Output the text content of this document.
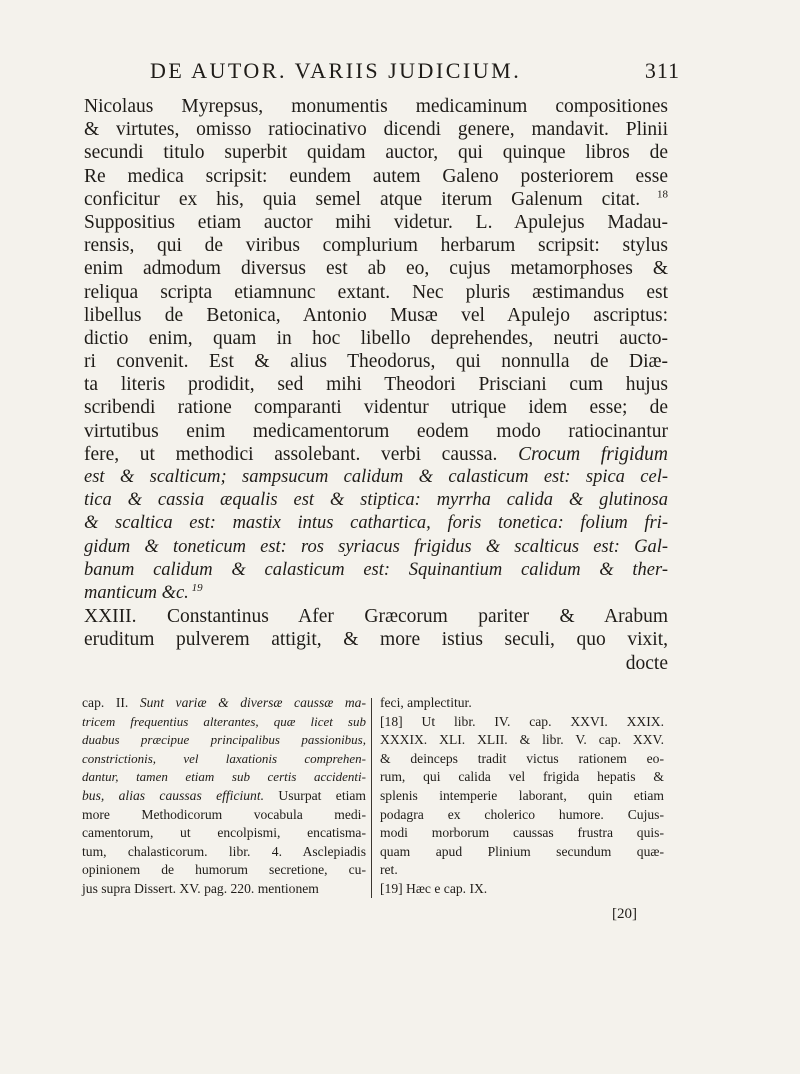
DE AUTOR. VARIIS JUDICIUM.	311
Nicolaus Myrepsus, monumentis medicaminum compositiones
& virtutes, omisso ratiocinativo dicendi genere, mandavit. Plinii
secundi titulo superbit quidam auctor, qui quinque libros de
Re medica scripsit: eundem autem Galeno posteriorem esse
conficitur ex his, quia semel atque iterum Galenum citat. $^{18}$
Suppositius etiam auctor mihi videtur. L. Apulejus Madau-
rensis, qui de viribus complurium herbarum scripsit: stylus
enim admodum diversus est ab eo, cujus metamorphoses &
reliqua scripta etiamnunc extant. Nec pluris æstimandus est
libellus de Betonica, Antonio Musæ vel Apulejo ascriptus:
dictio enim, quam in hoc libello deprehendes, neutri aucto-
ri convenit. Est & alius Theodorus, qui nonnulla de Diæ-
ta literis prodidit, sed mihi Theodori Prisciani cum hujus
scribendi ratione comparanti videntur utrique idem esse; de
virtutibus enim medicamentorum eodem modo ratiocinantur
fere, ut methodici assolebant. verbi caussa. Crocum frigidum
est & scalticum; sampsucum calidum & calasticum est: spica cel-
tica & cassia æqualis est & stiptica: myrrha calida & glutinosa
& scaltica est: mastix intus cathartica, foris tonetica: folium fri-
gidum & toneticum est: ros syriacus frigidus & scalticus est: Gal-
banum calidum & calasticum est: Squinantium calidum & ther-
manticum &c. $^{19}$
XXIII. Constantinus Afer Græcorum pariter & Arabum
eruditum pulverem attigit, & more istius seculi, quo vixit,
docte
cap. II. Sunt variæ & diversæ caussæ ma-
tricem frequentius alterantes, quæ licet sub
duabus præcipue principalibus passionibus,
constrictionis, vel laxationis comprehen-
dantur, tamen etiam sub certis accidenti-
bus, alias caussas efficiunt. Usurpat etiam
more Methodicorum vocabula medi-
camentorum, ut encolpismi, encatisma-
tum, chalasticorum. libr. 4. Asclepiadis
opinionem de humorum secretione, cu-
jus supra Dissert. XV. pag. 220. mentionem
feci, amplectitur.
[18] Ut libr. IV. cap. XXVI. XXIX.
XXXIX. XLI. XLII. & libr. V. cap. XXV.
& deinceps tradit victus rationem eo-
rum, qui calida vel frigida hepatis &
splenis intemperie laborant, quin etiam
podagra ex cholerico humore. Cujus-
modi morborum caussas frustra quis-
quam apud Plinium secundum quæ-
ret.
[19] Hæc e cap. IX.
[20]
